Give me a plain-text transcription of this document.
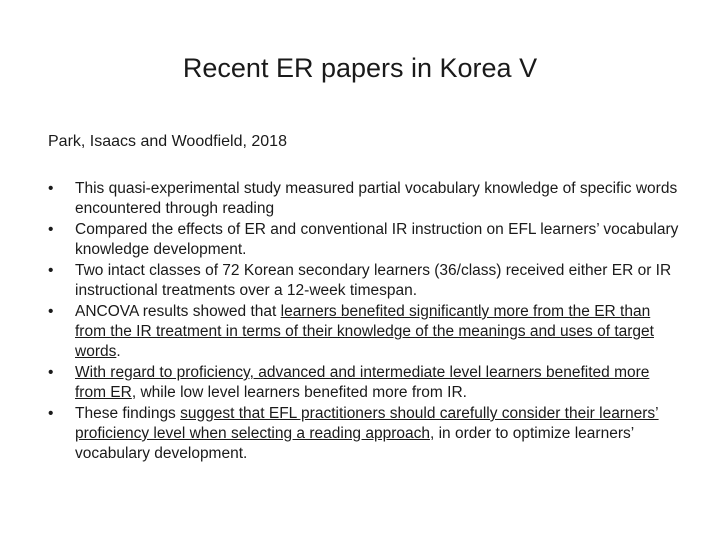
Recent ER papers in Korea V
Park, Isaacs and Woodfield, 2018
•	This quasi-experimental study measured partial vocabulary knowledge of specific words encountered through reading
•	Compared the effects of ER and conventional IR instruction on EFL learners’ vocabulary knowledge development.
•	Two intact classes of 72 Korean secondary learners (36/class) received either ER or IR instructional treatments over a 12-week timespan.
•	ANCOVA results showed that learners benefited significantly more from the ER than from the IR treatment in terms of their knowledge of the meanings and uses of target words.
•	With regard to proficiency, advanced and intermediate level learners benefited more from ER, while low level learners benefited more from IR.
•	These findings suggest that EFL practitioners should carefully consider their learners’ proficiency level when selecting a reading approach, in order to optimize learners’ vocabulary development.
